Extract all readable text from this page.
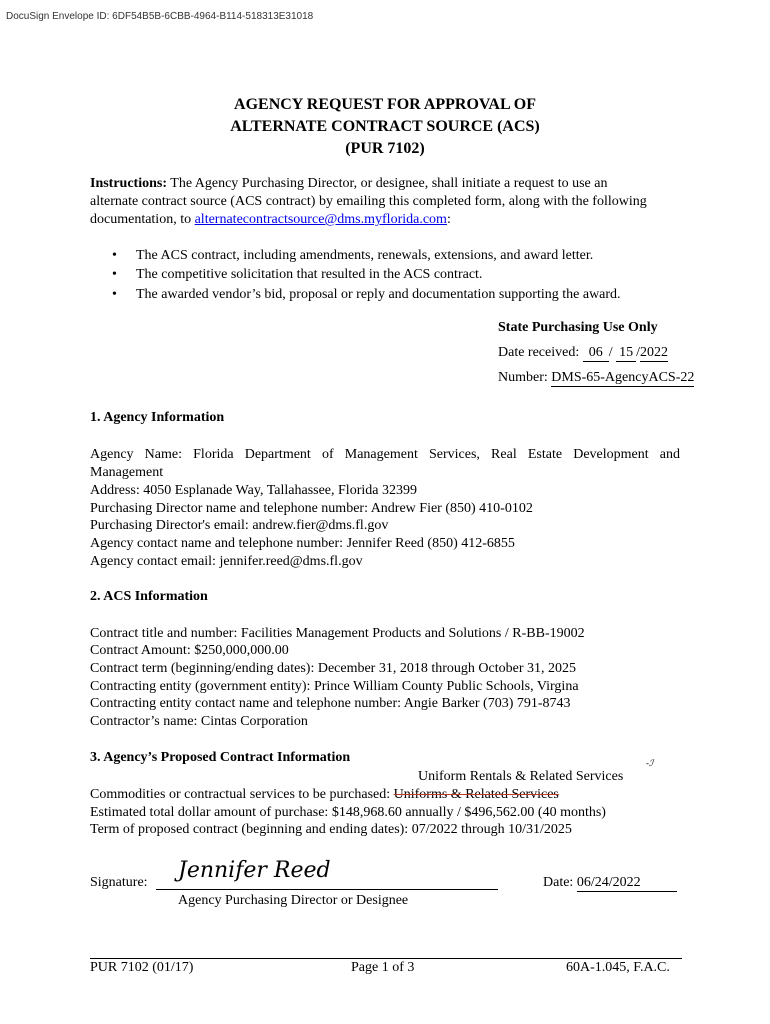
DocuSign Envelope ID: 6DF54B5B-6CBB-4964-B114-518313E31018
AGENCY REQUEST FOR APPROVAL OF
ALTERNATE CONTRACT SOURCE (ACS)
(PUR 7102)
Instructions: The Agency Purchasing Director, or designee, shall initiate a request to use an alternate contract source (ACS contract) by emailing this completed form, along with the following documentation, to alternatecontractsource@dms.myflorida.com:
• The ACS contract, including amendments, renewals, extensions, and award letter.
• The competitive solicitation that resulted in the ACS contract.
• The awarded vendor’s bid, proposal or reply and documentation supporting the award.
State Purchasing Use Only
Date received: 06 / 15 /2022
Number: DMS-65-AgencyACS-22
1. Agency Information
Agency Name: Florida Department of Management Services, Real Estate Development and Management
Address: 4050 Esplanade Way, Tallahassee, Florida 32399
Purchasing Director name and telephone number: Andrew Fier (850) 410-0102
Purchasing Director's email: andrew.fier@dms.fl.gov
Agency contact name and telephone number: Jennifer Reed (850) 412-6855
Agency contact email: jennifer.reed@dms.fl.gov
2. ACS Information
Contract title and number: Facilities Management Products and Solutions / R-BB-19002
Contract Amount: $250,000,000.00
Contract term (beginning/ending dates): December 31, 2018 through October 31, 2025
Contracting entity (government entity): Prince William County Public Schools, Virgina
Contracting entity contact name and telephone number: Angie Barker (703) 791-8743
Contractor’s name: Cintas Corporation
3. Agency’s Proposed Contract Information	-ℐ
Uniform Rentals & Related Services
Commodities or contractual services to be purchased: Uniforms & Related Services
Estimated total dollar amount of purchase: $148,968.60 annually / $496,562.00 (40 months)
Term of proposed contract (beginning and ending dates): 07/2022 through 10/31/2025
Signature: Jennifer Reed
Agency Purchasing Director or Designee
Date: 06/24/2022
PUR 7102 (01/17)	Page 1 of 3	60A-1.045, F.A.C.
